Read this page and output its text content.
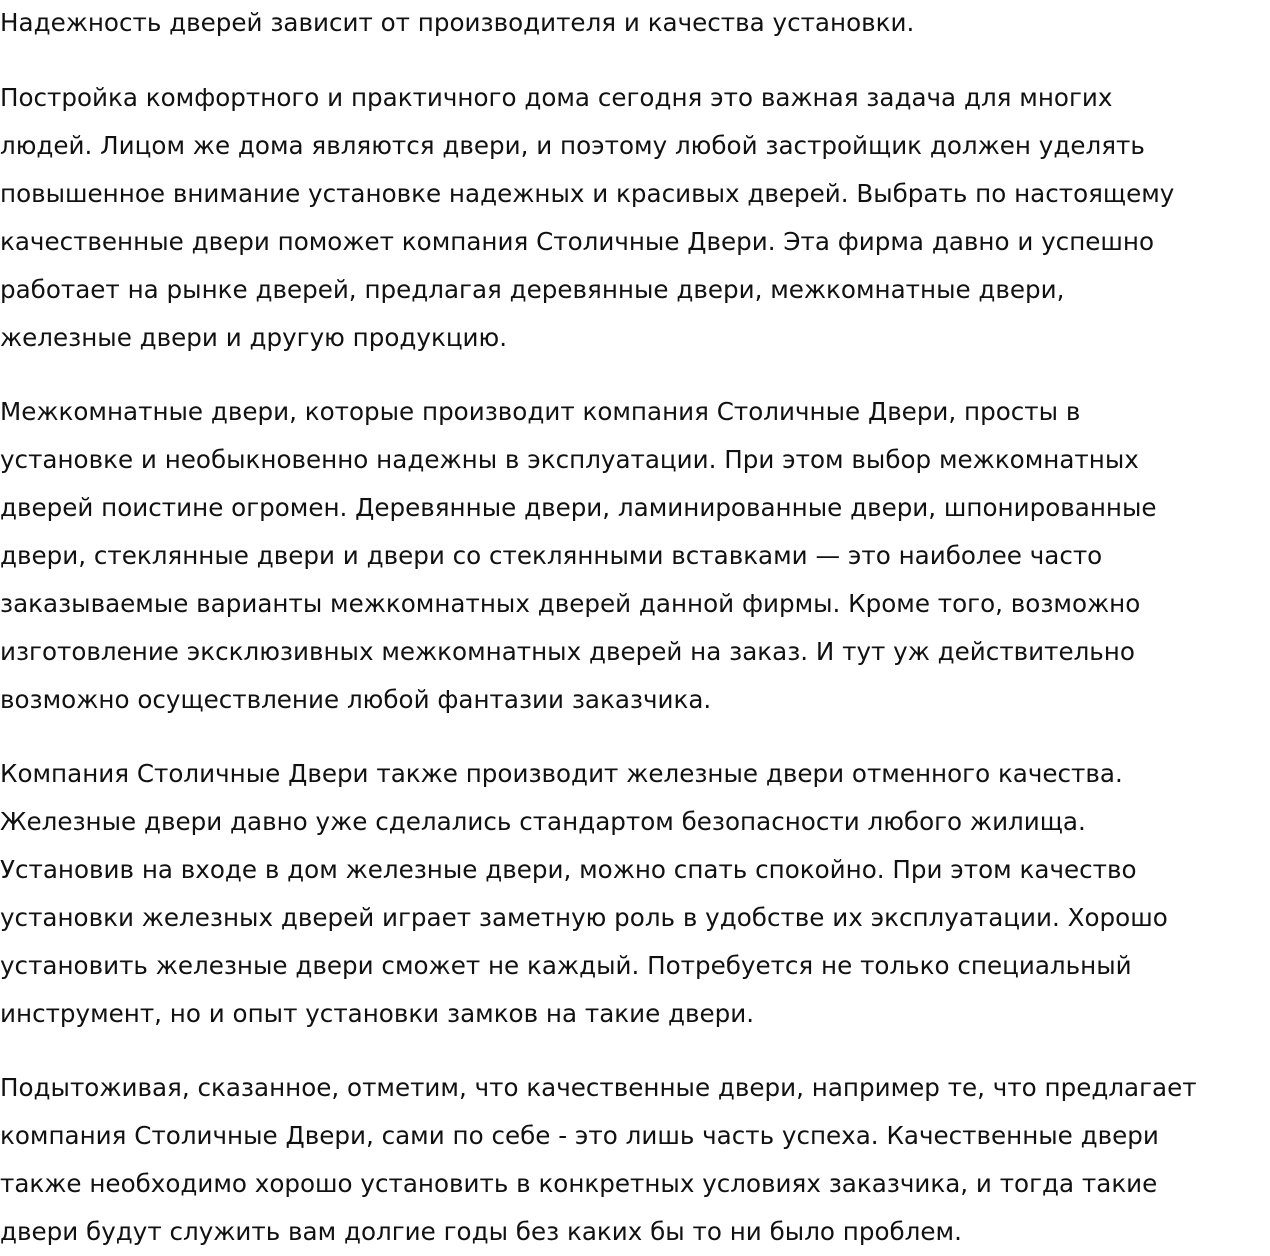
Надежность дверей зависит от производителя и качества установки.

Постройка комфортного и практичного дома сегодня это важная задача для многих
людей. Лицом же дома являются двери, и поэтому любой застройщик должен уделять
повышенное внимание установке надежных и красивых дверей. Выбрать по настоящему
качественные двери поможет компания Столичные Двери. Эта фирма давно и успешно
работает на рынке дверей, предлагая деревянные двери, межкомнатные двери,
железные двери и другую продукцию.

Межкомнатные двери, которые производит компания Столичные Двери, просты в
установке и необыкновенно надежны в эксплуатации. При этом выбор межкомнатных
дверей поистине огромен. Деревянные двери, ламинированные двери, шпонированные
двери, стеклянные двери и двери со стеклянными вставками — это наиболее часто
заказываемые варианты межкомнатных дверей данной фирмы. Кроме того, возможно
изготовление эксклюзивных межкомнатных дверей на заказ. И тут уж действительно
возможно осуществление любой фантазии заказчика.

Компания Столичные Двери также производит железные двери отменного качества.
Железные двери давно уже сделались стандартом безопасности любого жилища.
Установив на входе в дом железные двери, можно спать спокойно. При этом качество
установки железных дверей играет заметную роль в удобстве их эксплуатации. Хорошо
установить железные двери сможет не каждый. Потребуется не только специальный
инструмент, но и опыт установки замков на такие двери.

Подытоживая, сказанное, отметим, что качественные двери, например те, что предлагает
компания Столичные Двери, сами по себе - это лишь часть успеха. Качественные двери
также необходимо хорошо установить в конкретных условиях заказчика, и тогда такие
двери будут служить вам долгие годы без каких бы то ни было проблем.
